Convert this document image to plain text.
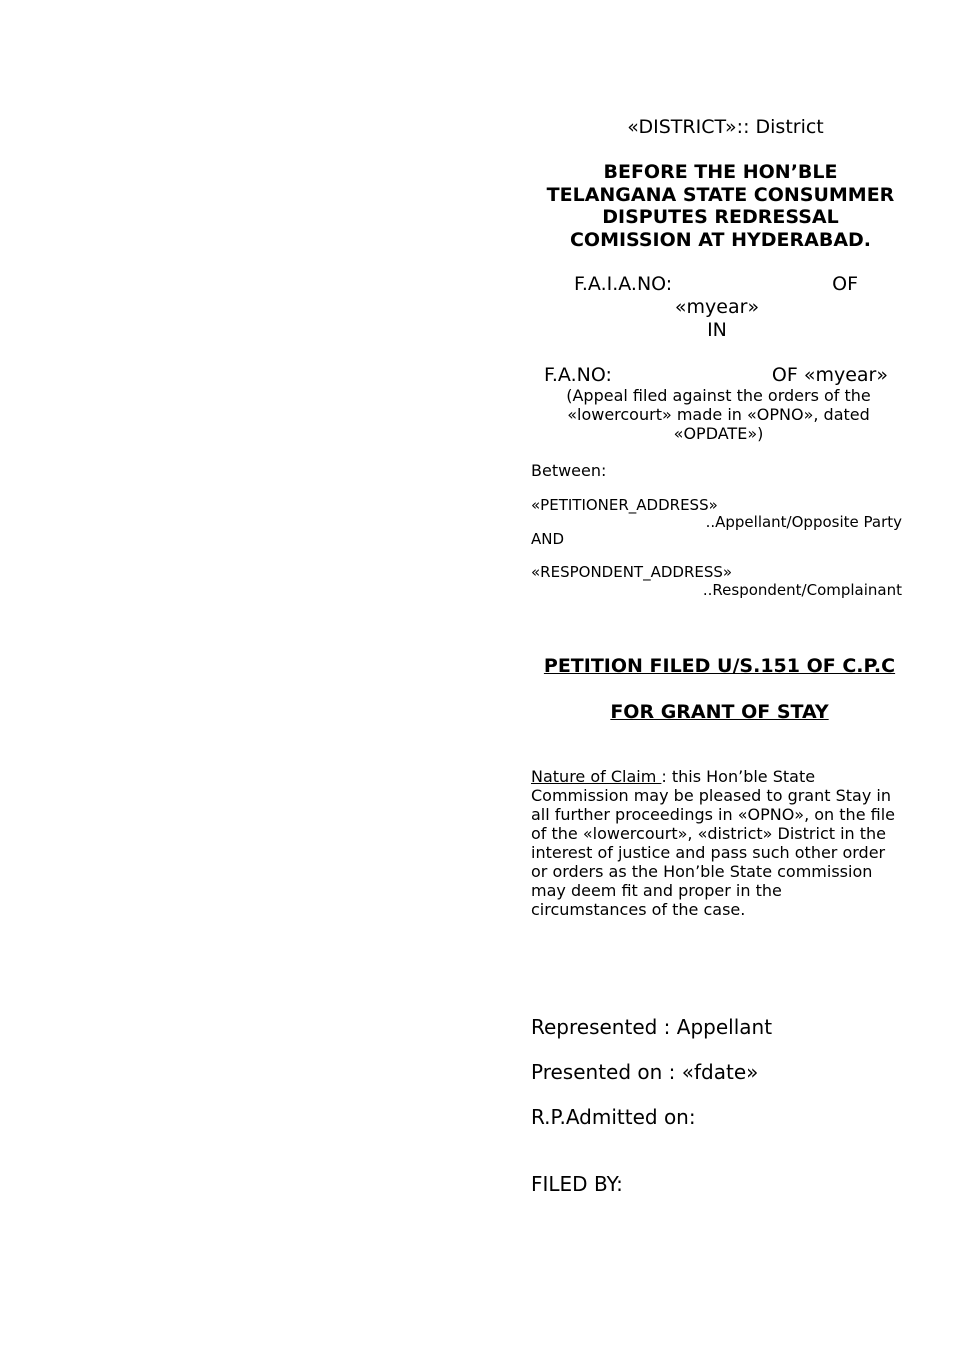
«DISTRICT»:: District
BEFORE THE HON’BLE
TELANGANA STATE CONSUMMER
DISPUTES REDRESSAL
COMISSION AT HYDERABAD.
F.A.I.A.NO:	OF
«myear»
IN
F.A.NO:	OF «myear»
(Appeal filed against the orders of the
«lowercourt» made in «OPNO», dated
«OPDATE»)
Between:
«PETITIONER_ADDRESS»
..Appellant/Opposite Party
AND
«RESPONDENT_ADDRESS»
..Respondent/Complainant
PETITION FILED U/S.151 OF C.P.C
FOR GRANT OF STAY
Nature of Claim : this Hon’ble State
Commission may be pleased to grant Stay in
all further proceedings in «OPNO», on the file
of the «lowercourt», «district» District in the
interest of justice and pass such other order
or orders as the Hon’ble State commission
may deem fit and proper in the
circumstances of the case.
Represented : Appellant
Presented on : «fdate»
R.P.Admitted on:
FILED BY:
